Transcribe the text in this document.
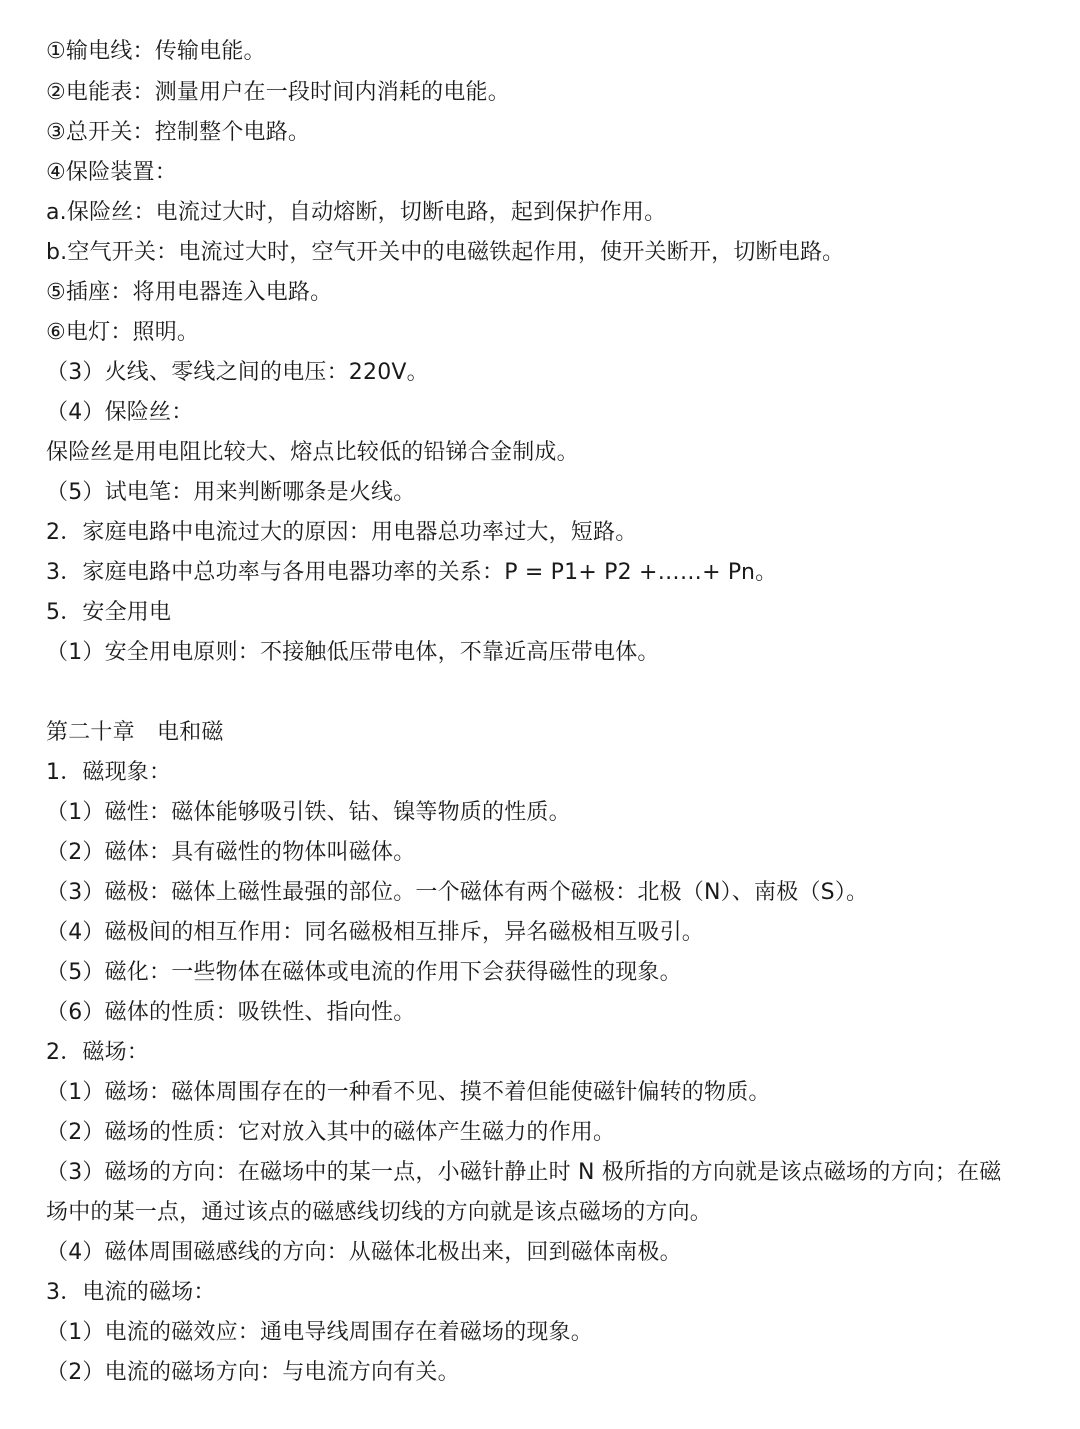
①输电线：传输电能。
②电能表：测量用户在一段时间内消耗的电能。
③总开关：控制整个电路。
④保险装置：
a.保险丝：电流过大时，自动熔断，切断电路，起到保护作用。
b.空气开关：电流过大时，空气开关中的电磁铁起作用，使开关断开，切断电路。
⑤插座：将用电器连入电路。
⑥电灯：照明。
（3）火线、零线之间的电压：220V。
（4）保险丝：
保险丝是用电阻比较大、熔点比较低的铅锑合金制成。
（5）试电笔：用来判断哪条是火线。
2．家庭电路中电流过大的原因：用电器总功率过大，短路。
3．家庭电路中总功率与各用电器功率的关系：P = P1+ P2 +……+ Pn。
5．安全用电
（1）安全用电原则：不接触低压带电体，不靠近高压带电体。
第二十章　电和磁
1．磁现象：
（1）磁性：磁体能够吸引铁、钴、镍等物质的性质。
（2）磁体：具有磁性的物体叫磁体。
（3）磁极：磁体上磁性最强的部位。一个磁体有两个磁极：北极（N）、南极（S）。
（4）磁极间的相互作用：同名磁极相互排斥，异名磁极相互吸引。
（5）磁化：一些物体在磁体或电流的作用下会获得磁性的现象。
（6）磁体的性质：吸铁性、指向性。
2．磁场：
（1）磁场：磁体周围存在的一种看不见、摸不着但能使磁针偏转的物质。
（2）磁场的性质：它对放入其中的磁体产生磁力的作用。
（3）磁场的方向：在磁场中的某一点，小磁针静止时 N 极所指的方向就是该点磁场的方向；在磁
场中的某一点，通过该点的磁感线切线的方向就是该点磁场的方向。
（4）磁体周围磁感线的方向：从磁体北极出来，回到磁体南极。
3．电流的磁场：
（1）电流的磁效应：通电导线周围存在着磁场的现象。
（2）电流的磁场方向：与电流方向有关。
